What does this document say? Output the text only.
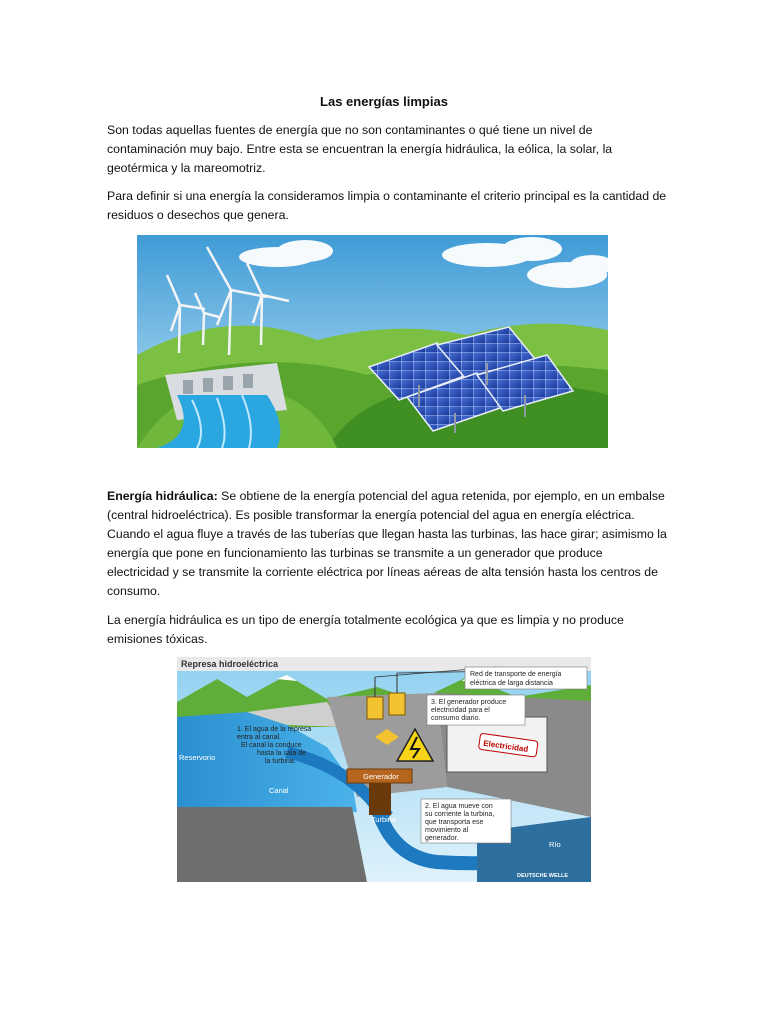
Las energías limpias

Son todas aquellas fuentes de energía que no son contaminantes o qué tiene un nivel de contaminación muy bajo. Entre esta se encuentran la energía hidráulica, la eólica, la solar, la geotérmica y la mareomotriz.

Para definir si una energía la consideramos limpia o contaminante el criterio principal es la cantidad de residuos o desechos que genera.

Energía hidráulica: Se obtiene de la energía potencial del agua retenida, por ejemplo, en un embalse (central hidroeléctrica). Es posible transformar la energía potencial del agua en energía eléctrica. Cuando el agua fluye a través de las tuberías que llegan hasta las turbinas, las hace girar; asimismo la energía que pone en funcionamiento las turbinas se transmite a un generador que produce electricidad y se transmite la corriente eléctrica por líneas aéreas de alta tensión hasta los centros de consumo.

La energía hidráulica es un tipo de energía totalmente ecológica ya que es limpia y no produce emisiones tóxicas.

Represa hidroeléctrica
Red de transporte de energía
eléctrica de larga distancia
3. El generador produce
electricidad para el
consumo diario.
Electricidad
1. El agua de la represa
entra al canal.
El canal la conduce
hasta la sala de
la turbina.
Reservorio
Canal
Generador
Turbina
2. El agua mueve con
su corriente la turbina,
que transporta ese
movimiento al
generador.
Río
DEUTSCHE WELLE
